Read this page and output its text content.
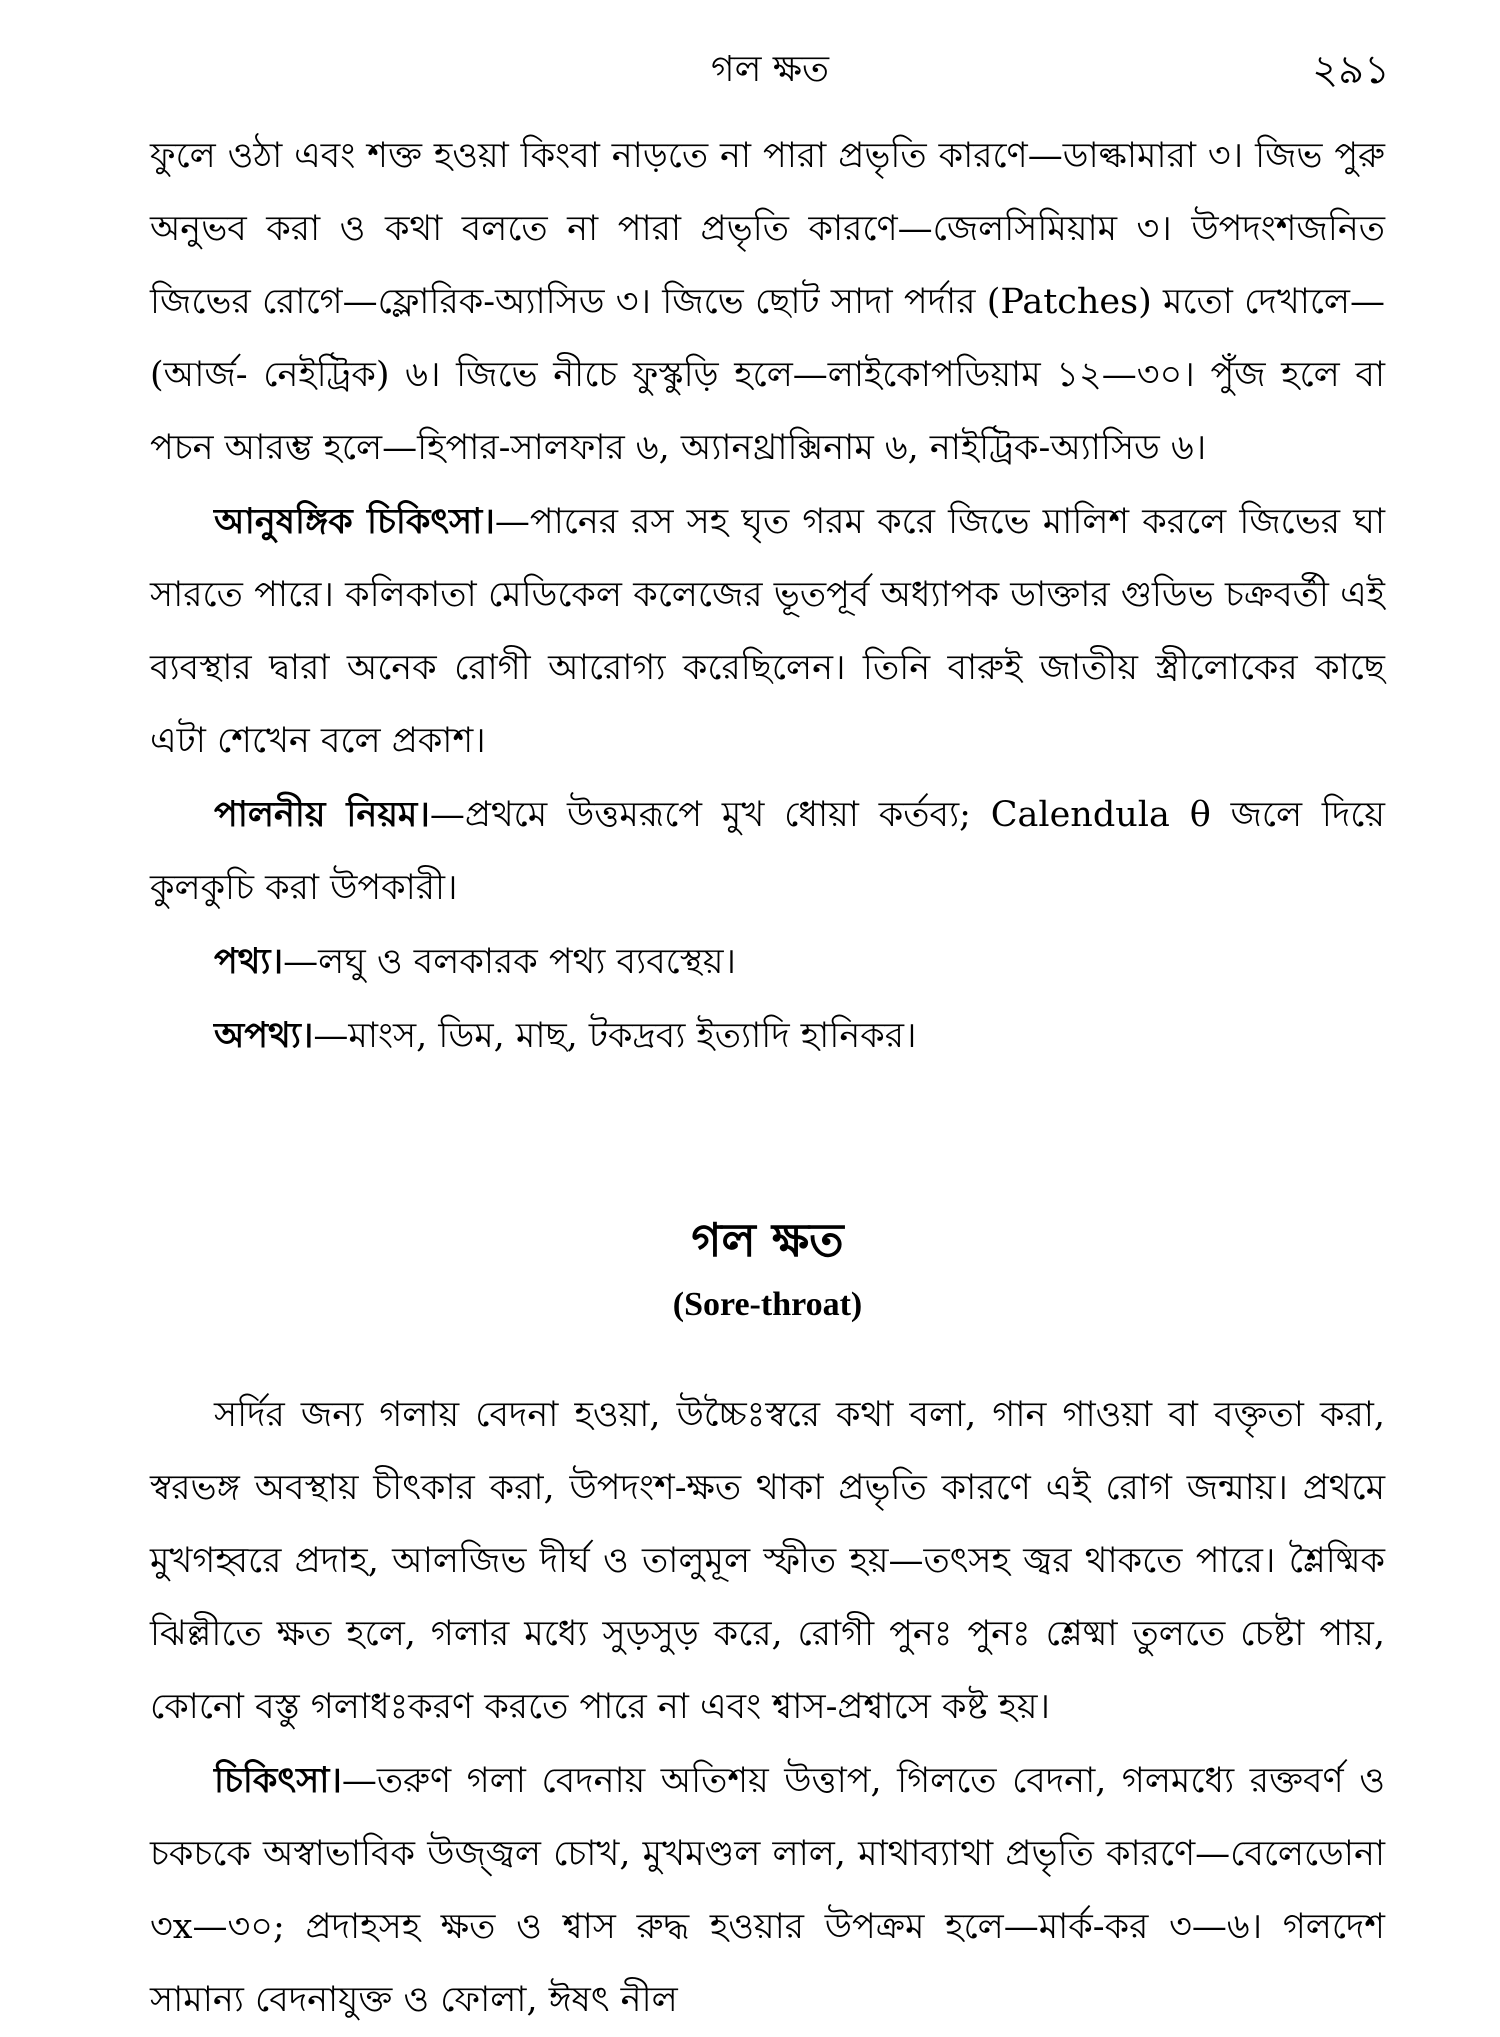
গল ক্ষত	২৯১

ফুলে ওঠা এবং শক্ত হওয়া কিংবা নাড়তে না পারা প্রভৃতি কারণে—ডাল্কামারা ৩। জিভ পুরু অনুভব করা ও কথা বলতে না পারা প্রভৃতি কারণে—জেলসিমিয়াম ৩। উপদংশজনিত জিভের রোগে—ফ্লোরিক-অ্যাসিড ৩। জিভে ছোট সাদা পর্দার (Patches) মতো দেখালে—(আর্জ- নেইট্রিক) ৬। জিভে নীচে ফুস্কুড়ি হলে—লাইকোপডিয়াম ১২—৩০। পুঁজ হলে বা পচন আরম্ভ হলে—হিপার-সালফার ৬, অ্যানথ্রাক্সিনাম ৬, নাইট্রিক-অ্যাসিড ৬।

আনুষঙ্গিক চিকিৎসা।—পানের রস সহ ঘৃত গরম করে জিভে মালিশ করলে জিভের ঘা সারতে পারে। কলিকাতা মেডিকেল কলেজের ভূতপূর্ব অধ্যাপক ডাক্তার গুডিভ চক্রবর্তী এই ব্যবস্থার দ্বারা অনেক রোগী আরোগ্য করেছিলেন। তিনি বারুই জাতীয় স্ত্রীলোকের কাছে এটা শেখেন বলে প্রকাশ।

পালনীয় নিয়ম।—প্রথমে উত্তমরূপে মুখ ধোয়া কর্তব্য; Calendula θ জলে দিয়ে কুলকুচি করা উপকারী।

পথ্য।—লঘু ও বলকারক পথ্য ব্যবস্থেয়।

অপথ্য।—মাংস, ডিম, মাছ, টকদ্রব্য ইত্যাদি হানিকর।

গল ক্ষত
(Sore-throat)

সর্দির জন্য গলায় বেদনা হওয়া, উচ্চৈঃস্বরে কথা বলা, গান গাওয়া বা বক্তৃতা করা, স্বরভঙ্গ অবস্থায় চীৎকার করা, উপদংশ-ক্ষত থাকা প্রভৃতি কারণে এই রোগ জন্মায়। প্রথমে মুখগহ্বরে প্রদাহ, আলজিভ দীর্ঘ ও তালুমূল স্ফীত হয়—তৎসহ জ্বর থাকতে পারে। শ্লৈষ্মিক ঝিল্লীতে ক্ষত হলে, গলার মধ্যে সুড়সুড় করে, রোগী পুনঃ পুনঃ শ্লেষ্মা তুলতে চেষ্টা পায়, কোনো বস্তু গলাধঃকরণ করতে পারে না এবং শ্বাস-প্রশ্বাসে কষ্ট হয়।

চিকিৎসা।—তরুণ গলা বেদনায় অতিশয় উত্তাপ, গিলতে বেদনা, গলমধ্যে রক্তবর্ণ ও চকচকে অস্বাভাবিক উজ্জ্বল চোখ, মুখমণ্ডল লাল, মাথাব্যাথা প্রভৃতি কারণে—বেলেডোনা ৩x—৩০; প্রদাহসহ ক্ষত ও শ্বাস রুদ্ধ হওয়ার উপক্রম হলে—মার্ক-কর ৩—৬। গলদেশ সামান্য বেদনাযুক্ত ও ফোলা, ঈষৎ নীল
